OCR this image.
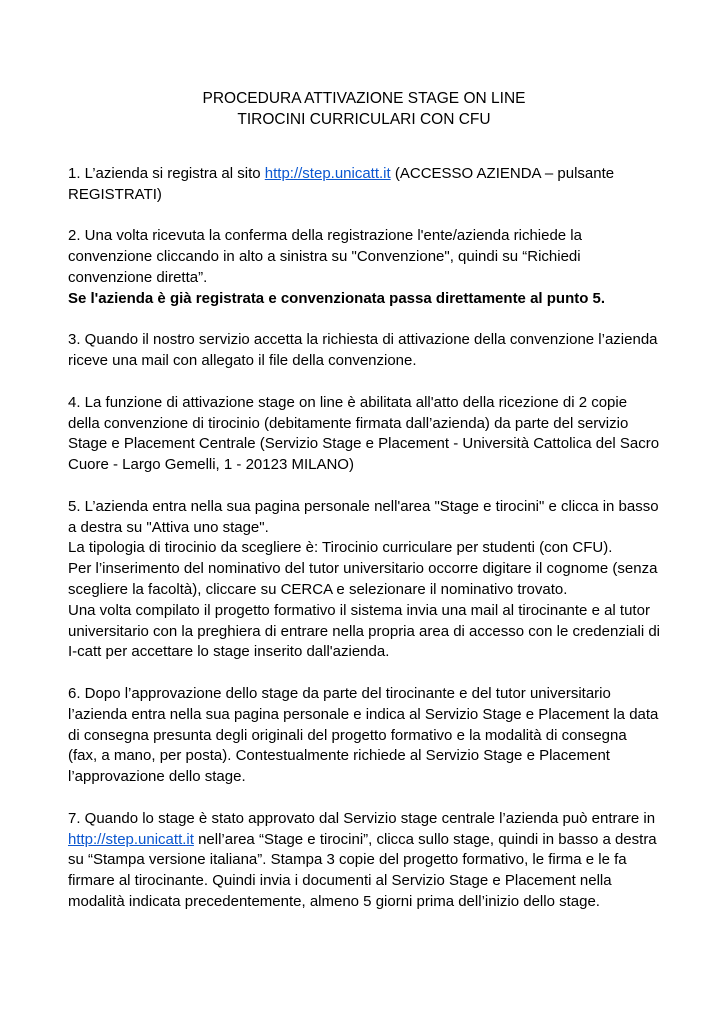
PROCEDURA ATTIVAZIONE STAGE ON LINE
TIROCINI CURRICULARI CON CFU

1. L’azienda si registra al sito http://step.unicatt.it (ACCESSO AZIENDA – pulsante REGISTRATI)

2. Una volta ricevuta la conferma della registrazione l'ente/azienda richiede la convenzione cliccando in alto a sinistra su "Convenzione", quindi su “Richiedi convenzione diretta”.
Se l'azienda è già registrata e convenzionata passa direttamente al punto 5.

3. Quando il nostro servizio accetta la richiesta di attivazione della convenzione l’azienda riceve una mail con allegato il file della convenzione.

4. La funzione di attivazione stage on line è abilitata all'atto della ricezione di 2 copie della convenzione di tirocinio (debitamente firmata dall’azienda) da parte del servizio Stage e Placement Centrale (Servizio Stage e Placement - Università Cattolica del Sacro Cuore - Largo Gemelli, 1 - 20123 MILANO)

5. L’azienda entra nella sua pagina personale nell'area "Stage e tirocini" e clicca in basso a destra su "Attiva uno stage".
La tipologia di tirocinio da scegliere è: Tirocinio curriculare per studenti (con CFU).
Per l’inserimento del nominativo del tutor universitario occorre digitare il cognome (senza scegliere la facoltà), cliccare su CERCA e selezionare il nominativo trovato.
Una volta compilato il progetto formativo il sistema invia una mail al tirocinante e al tutor universitario con la preghiera di entrare nella propria area di accesso con le credenziali di I-catt per accettare lo stage inserito dall'azienda.

6. Dopo l’approvazione dello stage da parte del tirocinante e del tutor universitario l’azienda entra nella sua pagina personale e indica al Servizio Stage e Placement la data di consegna presunta degli originali del progetto formativo e la modalità di consegna (fax, a mano, per posta). Contestualmente richiede al Servizio Stage e Placement l’approvazione dello stage.

7. Quando lo stage è stato approvato dal Servizio stage centrale l’azienda può entrare in http://step.unicatt.it nell’area “Stage e tirocini”, clicca sullo stage, quindi in basso a destra su “Stampa versione italiana”. Stampa 3 copie del progetto formativo, le firma e le fa firmare al tirocinante. Quindi invia i documenti al Servizio Stage e Placement nella modalità indicata precedentemente, almeno 5 giorni prima dell’inizio dello stage.
